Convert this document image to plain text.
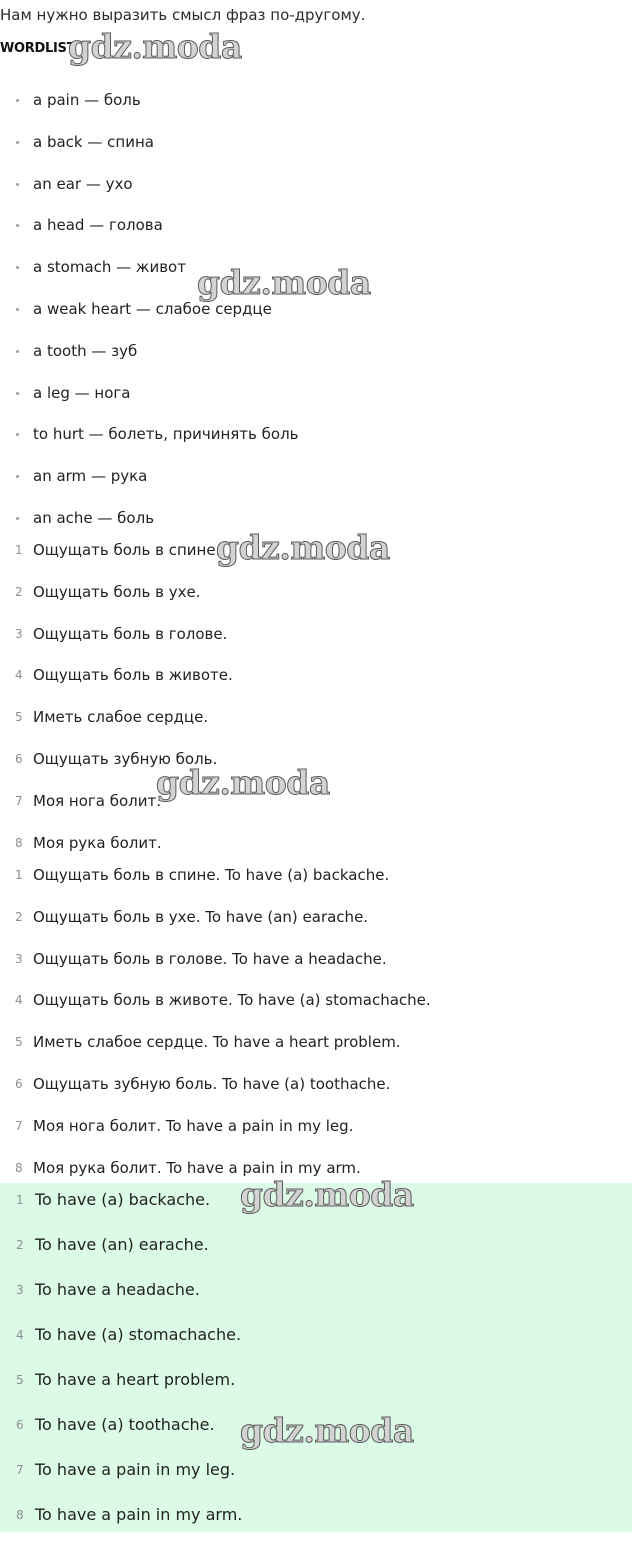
Нам нужно выразить смысл фраз по-другому.
WORDLIST
a pain — боль
a back — спина
an ear — ухо
a head — голова
a stomach — живот
a weak heart — слабое сердце
a tooth — зуб
a leg — нога
to hurt — болеть, причинять боль
an arm — рука
an ache — боль
1 Ощущать боль в спине.
2 Ощущать боль в ухе.
3 Ощущать боль в голове.
4 Ощущать боль в животе.
5 Иметь слабое сердце.
6 Ощущать зубную боль.
7 Моя нога болит.
8 Моя рука болит.
1 Ощущать боль в спине. To have (a) backache.
2 Ощущать боль в ухе. To have (an) earache.
3 Ощущать боль в голове. To have a headache.
4 Ощущать боль в животе. To have (a) stomachache.
5 Иметь слабое сердце. To have a heart problem.
6 Ощущать зубную боль. To have (a) toothache.
7 Моя нога болит. To have a pain in my leg.
8 Моя рука болит. To have a pain in my arm.
1 To have (a) backache.
2 To have (an) earache.
3 To have a headache.
4 To have (a) stomachache.
5 To have a heart problem.
6 To have (a) toothache.
7 To have a pain in my leg.
8 To have a pain in my arm.
gdz.moda
gdz.moda
gdz.moda
gdz.moda
gdz.moda
gdz.moda
